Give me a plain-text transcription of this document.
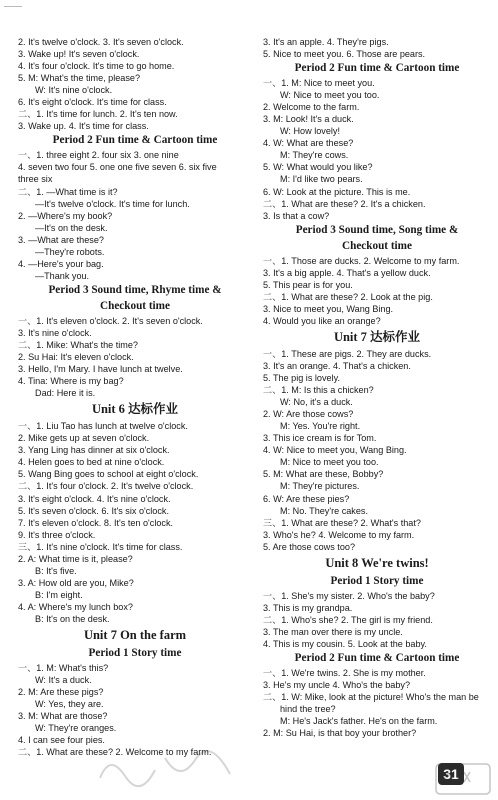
2. It's twelve o'clock. 3. It's seven o'clock.
3. Wake up! It's seven o'clock.
4. It's four o'clock. It's time to go home.
5. M: What's the time, please?
W: It's nine o'clock.
6. It's eight o'clock. It's time for class.
二、1. It's time for lunch. 2. It's ten now.
3. Wake up. 4. It's time for class.
Period 2 Fun time & Cartoon time
一、1. three eight 2. four six 3. one nine
4. seven two four 5. one one five seven 6. six five
three six
二、1. —What time is it?
—It's twelve o'clock. It's time for lunch.
2. —Where's my book?
—It's on the desk.
3. —What are these?
—They're robots.
4. —Here's your bag.
—Thank you.
Period 3 Sound time, Rhyme time &
Checkout time
一、1. It's eleven o'clock. 2. It's seven o'clock.
3. It's nine o'clock.
二、1. Mike: What's the time?
2. Su Hai: It's eleven o'clock.
3. Hello, I'm Mary. I have lunch at twelve.
4. Tina: Where is my bag?
Dad: Here it is.
Unit 6 达标作业
一、1. Liu Tao has lunch at twelve o'clock.
2. Mike gets up at seven o'clock.
3. Yang Ling has dinner at six o'clock.
4. Helen goes to bed at nine o'clock.
5. Wang Bing goes to school at eight o'clock.
二、1. It's four o'clock. 2. It's twelve o'clock.
3. It's eight o'clock. 4. It's nine o'clock.
5. It's seven o'clock. 6. It's six o'clock.
7. It's eleven o'clock. 8. It's ten o'clock.
9. It's three o'clock.
三、1. It's nine o'clock. It's time for class.
2. A: What time is it, please?
B: It's five.
3. A: How old are you, Mike?
B: I'm eight.
4. A: Where's my lunch box?
B: It's on the desk.
Unit 7 On the farm
Period 1 Story time
一、1. M: What's this?
W: It's a duck.
2. M: Are these pigs?
W: Yes, they are.
3. M: What are those?
W: They're oranges.
4. I can see four pies.
二、1. What are these? 2. Welcome to my farm.
3. It's an apple. 4. They're pigs.
5. Nice to meet you. 6. Those are pears.
Period 2 Fun time & Cartoon time
一、1. M: Nice to meet you.
W: Nice to meet you too.
2. Welcome to the farm.
3. M: Look! It's a duck.
W: How lovely!
4. W: What are these?
M: They're cows.
5. W: What would you like?
M: I'd like two pears.
6. W: Look at the picture. This is me.
二、1. What are these? 2. It's a chicken.
3. Is that a cow?
Period 3 Sound time, Song time &
Checkout time
一、1. Those are ducks. 2. Welcome to my farm.
3. It's a big apple. 4. That's a yellow duck.
5. This pear is for you.
二、1. What are these? 2. Look at the pig.
3. Nice to meet you, Wang Bing.
4. Would you like an orange?
Unit 7 达标作业
一、1. These are pigs. 2. They are ducks.
3. It's an orange. 4. That's a chicken.
5. The pig is lovely.
二、1. M: Is this a chicken?
W: No, it's a duck.
2. W: Are those cows?
M: Yes. You're right.
3. This ice cream is for Tom.
4. W: Nice to meet you, Wang Bing.
M: Nice to meet you too.
5. M: What are these, Bobby?
M: They're pictures.
6. W: Are these pies?
M: No. They're cakes.
三、1. What are these? 2. What's that?
3. Who's he? 4. Welcome to my farm.
5. Are those cows too?
Unit 8 We're twins!
Period 1 Story time
一、1. She's my sister. 2. Who's the baby?
3. This is my grandpa.
二、1. Who's she? 2. The girl is my friend.
3. The man over there is my uncle.
4. This is my cousin. 5. Look at the baby.
Period 2 Fun time & Cartoon time
一、1. We're twins. 2. She is my mother.
3. He's my uncle 4. Who's the baby?
二、1. W: Mike, look at the picture! Who's the man be
hind the tree?
M: He's Jack's father. He's on the farm.
2. M: Su Hai, is that boy your brother?
31
